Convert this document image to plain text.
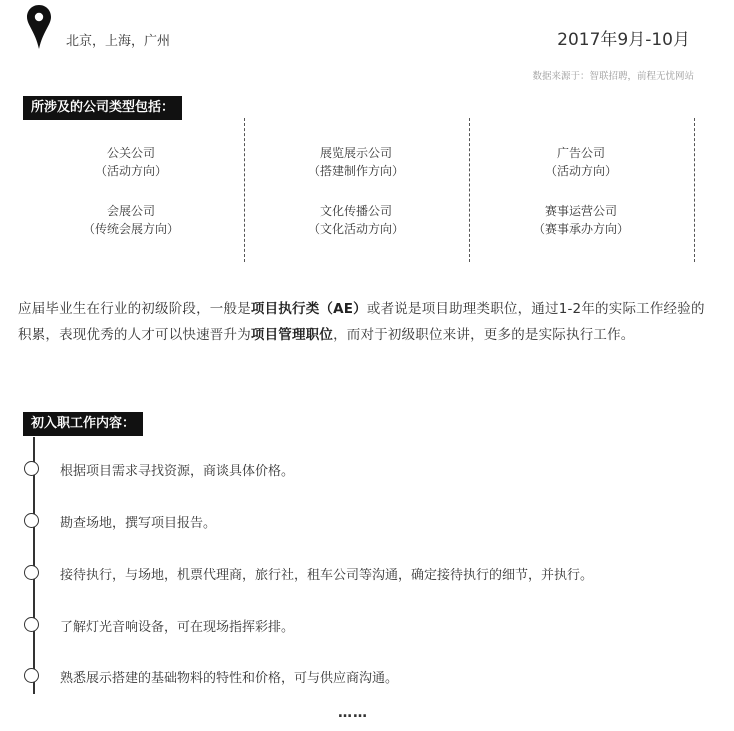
北京，上海，广州	2017年9月-10月
数据来源于：智联招聘，前程无忧网站
所涉及的公司类型包括：
公关公司
（活动方向）
会展公司
（传统会展方向）
展览展示公司
（搭建制作方向）
文化传播公司
（文化活动方向）
广告公司
（活动方向）
赛事运营公司
（赛事承办方向）
应届毕业生在行业的初级阶段，一般是项目执行类（AE）或者说是项目助理类职位，通过1-2年的实际工作经验的积累，表现优秀的人才可以快速晋升为项目管理职位，而对于初级职位来讲，更多的是实际执行工作。
初入职工作内容：
根据项目需求寻找资源，商谈具体价格。
勘查场地，撰写项目报告。
接待执行，与场地，机票代理商，旅行社，租车公司等沟通，确定接待执行的细节，并执行。
了解灯光音响设备，可在现场指挥彩排。
熟悉展示搭建的基础物料的特性和价格，可与供应商沟通。
……
